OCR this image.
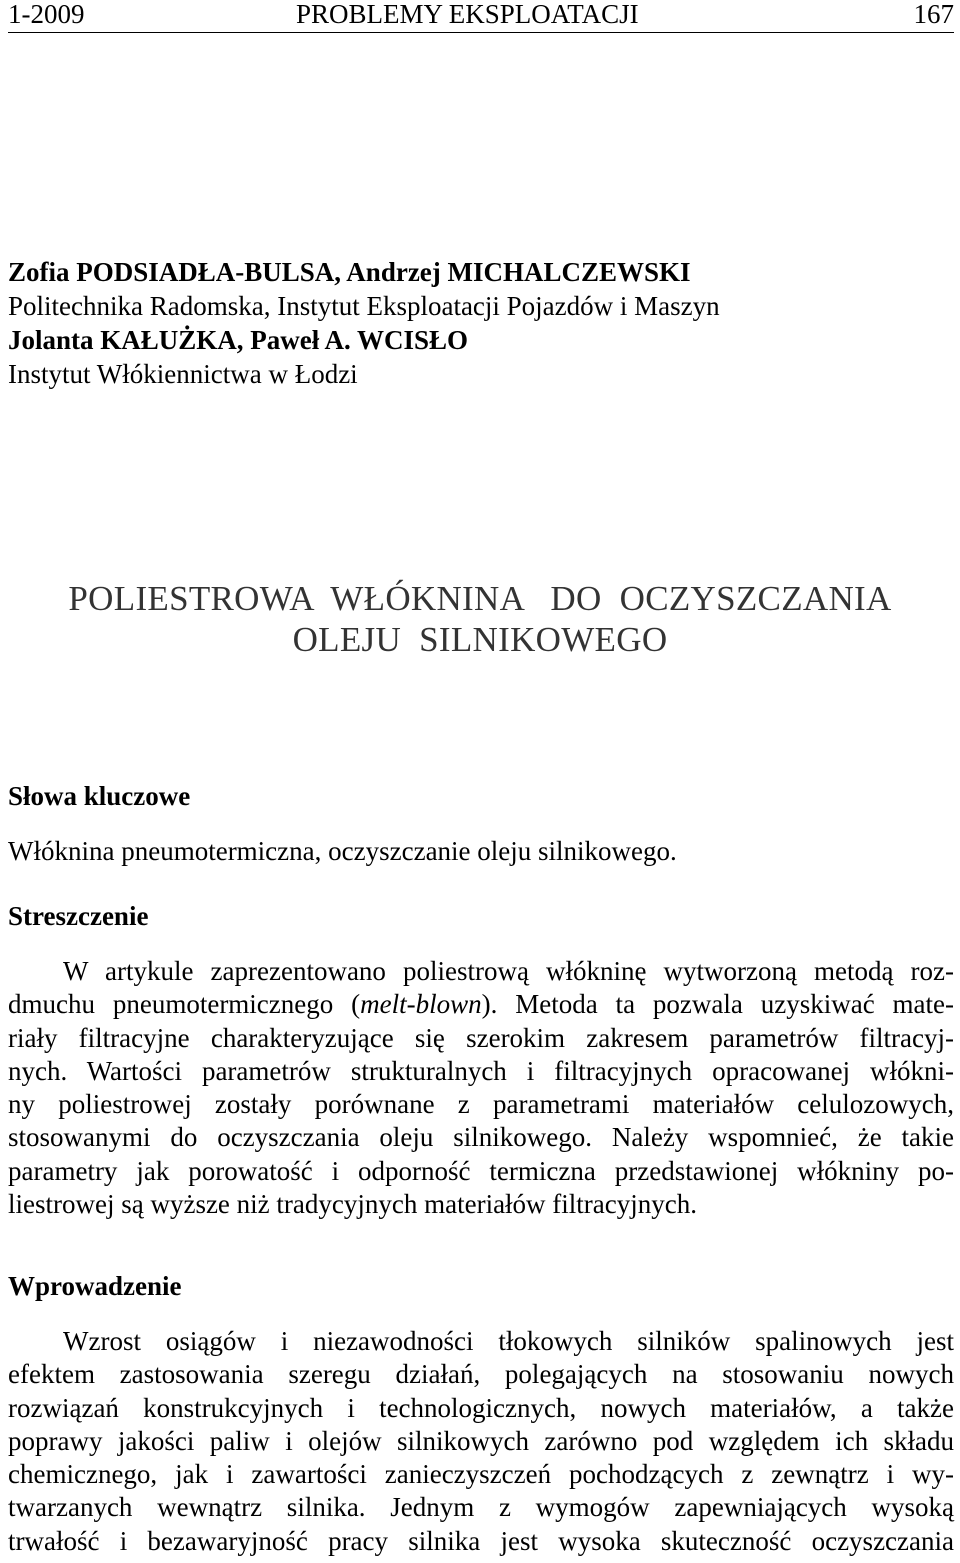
1-2009	PROBLEMY EKSPLOATACJI	167
Zofia PODSIADŁA-BULSA, Andrzej MICHALCZEWSKI
Politechnika Radomska, Instytut Eksploatacji Pojazdów i Maszyn
Jolanta KAŁUŻKA, Paweł A. WCISŁO
Instytut Włókiennictwa w Łodzi
POLIESTROWA  WŁÓKNINA   DO  OCZYSZCZANIA
OLEJU  SILNIKOWEGO
Słowa kluczowe
Włóknina pneumotermiczna, oczyszczanie oleju silnikowego.
Streszczenie
W artykule zaprezentowano poliestrową włókninę wytworzoną metodą roz-
dmuchu pneumotermicznego (melt-blown). Metoda ta pozwala uzyskiwać mate-
riały filtracyjne charakteryzujące się szerokim zakresem parametrów filtracyj-
nych. Wartości parametrów strukturalnych i filtracyjnych opracowanej włókni-
ny poliestrowej zostały porównane z parametrami materiałów celulozowych,
stosowanymi do oczyszczania oleju silnikowego. Należy wspomnieć, że takie
parametry jak porowatość i odporność termiczna przedstawionej włókniny po-
liestrowej są wyższe niż tradycyjnych materiałów filtracyjnych.
Wprowadzenie
Wzrost osiągów i niezawodności tłokowych silników spalinowych jest
efektem zastosowania szeregu działań, polegających na stosowaniu nowych
rozwiązań konstrukcyjnych i technologicznych, nowych materiałów, a także
poprawy jakości paliw i olejów silnikowych zarówno pod względem ich składu
chemicznego, jak i zawartości zanieczyszczeń pochodzących z zewnątrz i wy-
twarzanych wewnątrz silnika. Jednym z wymogów zapewniających wysoką
trwałość i bezawaryjność pracy silnika jest wysoka skuteczność oczyszczania
